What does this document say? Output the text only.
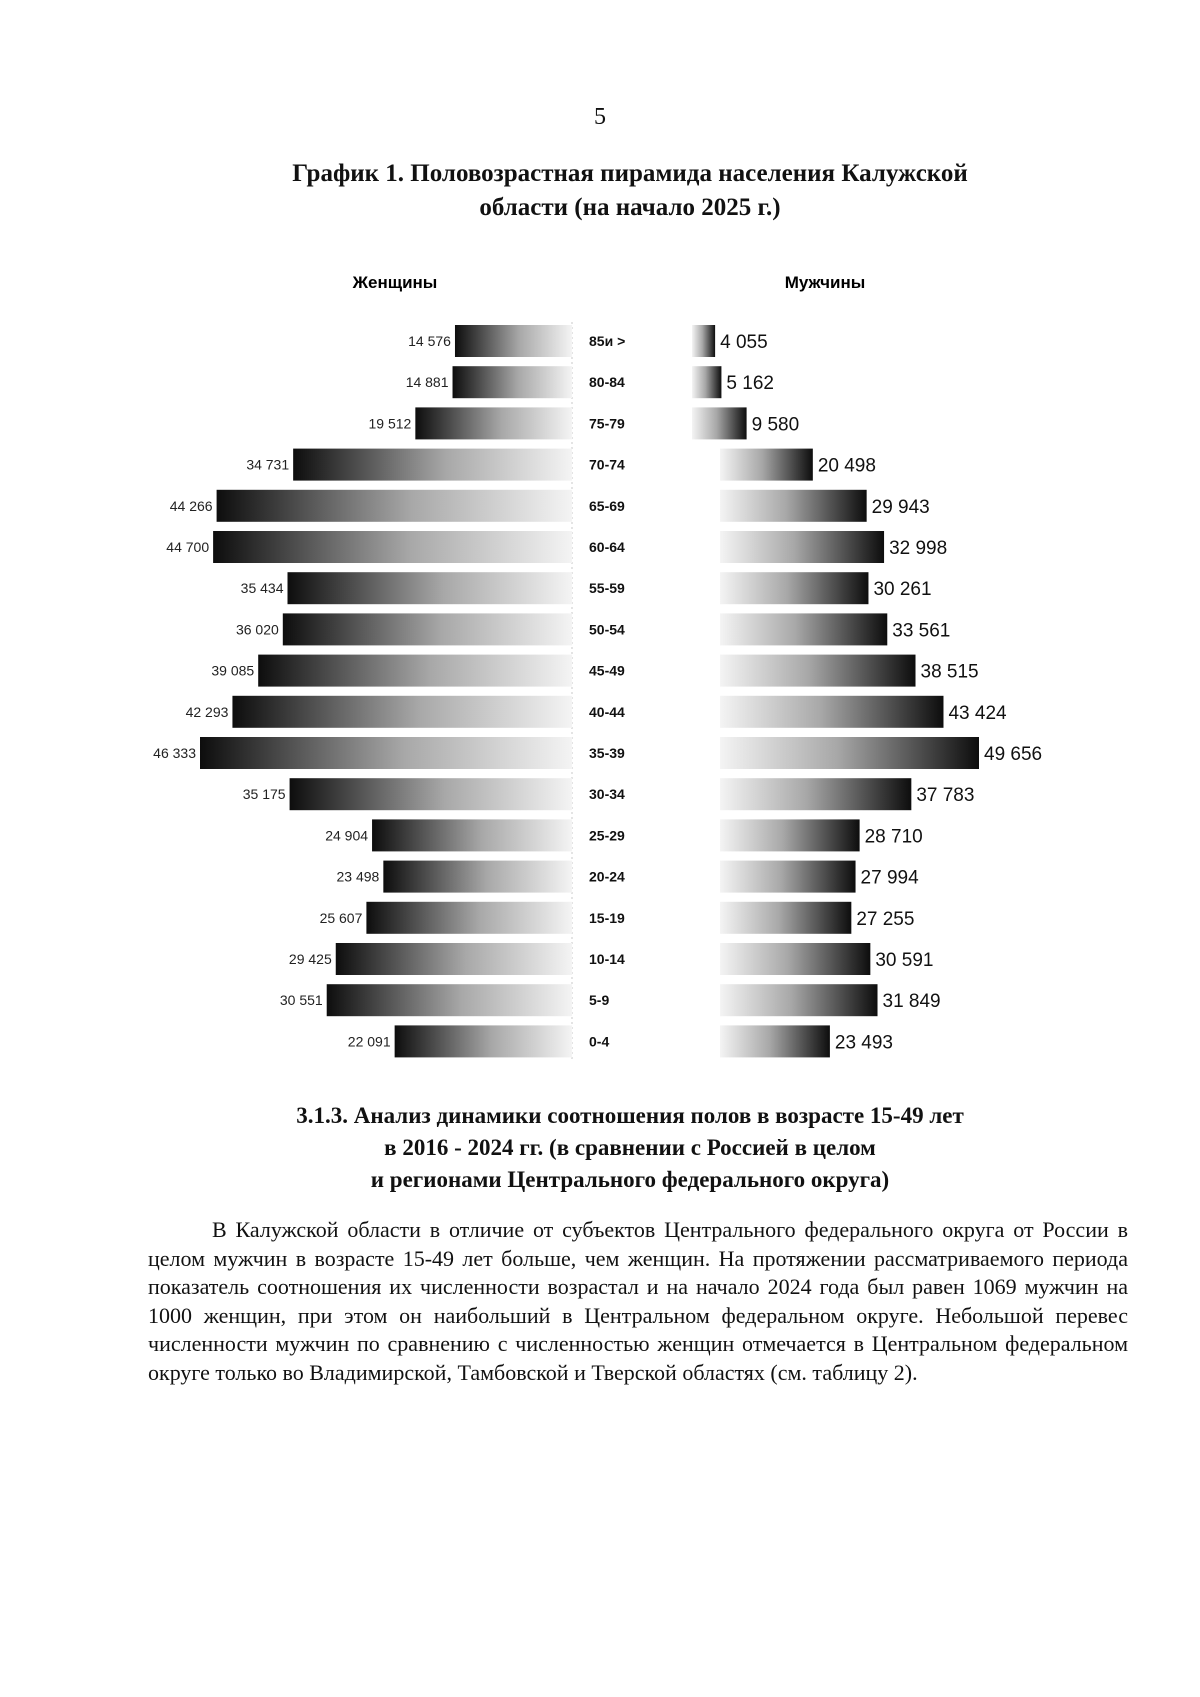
5
График 1. Половозрастная пирамида населения Калужской
области (на начало 2025 г.)
Женщины	Мужчины
14 576	85и >	4 055
14 881	80-84	5 162
19 512	75-79	9 580
34 731	70-74	20 498
44 266	65-69	29 943
44 700	60-64	32 998
35 434	55-59	30 261
36 020	50-54	33 561
39 085	45-49	38 515
42 293	40-44	43 424
46 333	35-39	49 656
35 175	30-34	37 783
24 904	25-29	28 710
23 498	20-24	27 994
25 607	15-19	27 255
29 425	10-14	30 591
30 551	5-9	31 849
22 091	0-4	23 493
3.1.3. Анализ динамики соотношения полов в возрасте 15-49 лет
в 2016 - 2024 гг. (в сравнении с Россией в целом
и регионами Центрального федерального округа)

В Калужской области в отличие от субъектов Центрального федерального округа от России в целом мужчин в возрасте 15-49 лет больше, чем женщин. На протяжении рассматриваемого периода показатель соотношения их численности возрастал и на начало 2024 года был равен 1069 мужчин на 1000 женщин, при этом он наибольший в Центральном федеральном округе. Небольшой перевес численности мужчин по сравнению с численностью женщин отмечается в Центральном федеральном округе только во Владимирской, Тамбовской и Тверской областях (см. таблицу 2).
